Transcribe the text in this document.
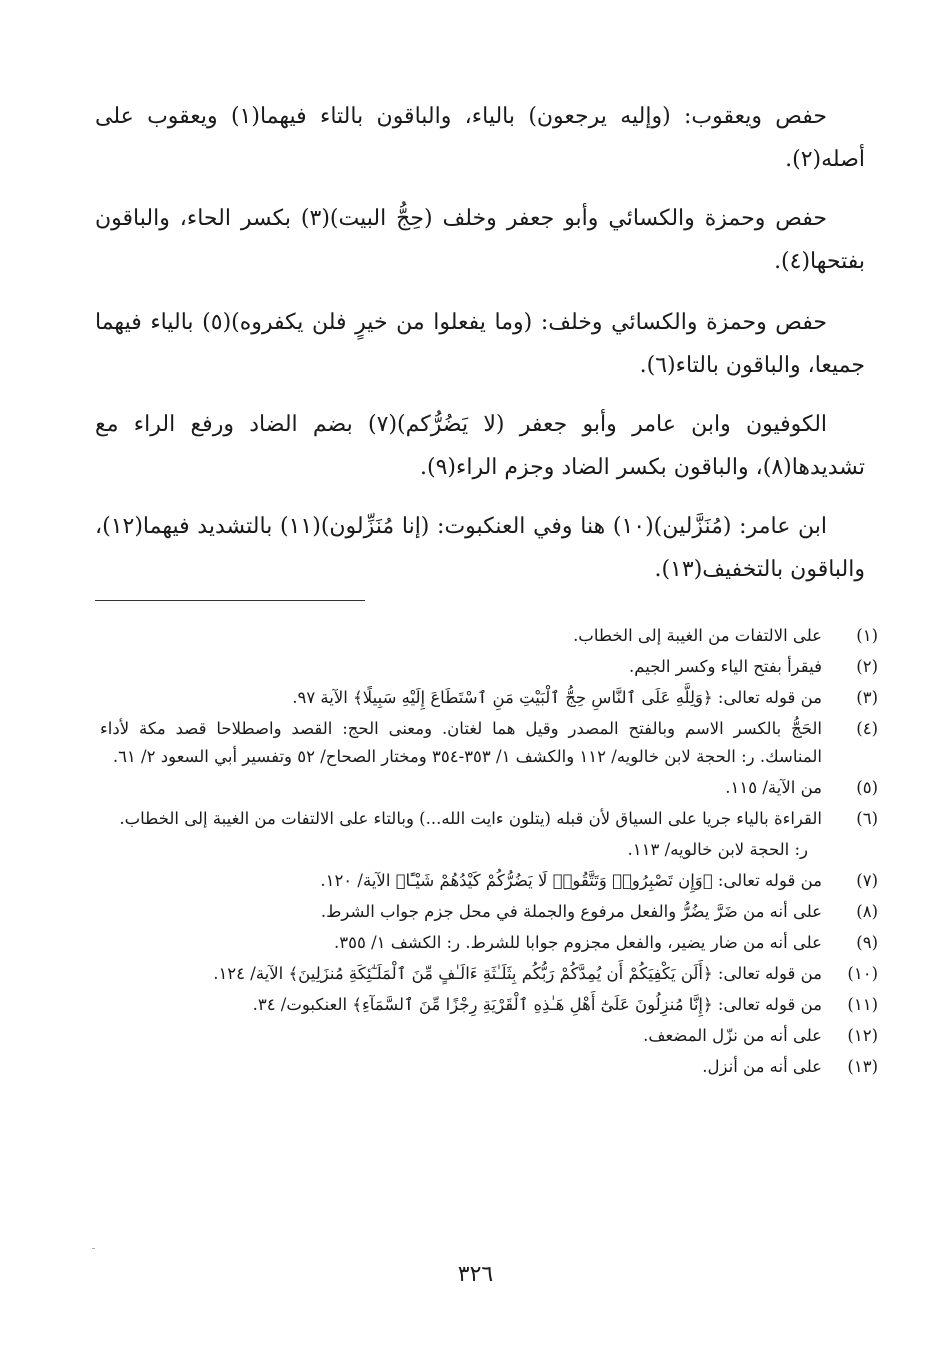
حفص ويعقوب: (وإليه يرجعون) بالياء، والباقون بالتاء فيهما(١) ويعقوب على أصله(٢).

حفص وحمزة والكسائي وأبو جعفر وخلف (حِجُّ البيت)(٣) بكسر الحاء، والباقون بفتحها(٤).

حفص وحمزة والكسائي وخلف: (وما يفعلوا من خيرٍ فلن يكفروه)(٥) بالياء فيهما جميعا، والباقون بالتاء(٦).

الكوفيون وابن عامر وأبو جعفر (لا يَضُرُّكم)(٧) بضم الضاد ورفع الراء مع تشديدها(٨)، والباقون بكسر الضاد وجزم الراء(٩).

ابن عامر: (مُنَزَّلين)(١٠) هنا وفي العنكبوت: (إنا مُنَزِّلون)(١١) بالتشديد فيهما(١٢)، والباقون بالتخفيف(١٣).

(١)
على الالتفات من الغيبة إلى الخطاب.
(٢)
فيقرأ بفتح الياء وكسر الجيم.
(٣)
من قوله تعالى: ﴿وَلِلَّهِ عَلَى ٱلنَّاسِ حِجُّ ٱلْبَيْتِ مَنِ ٱسْتَطَاعَ إِلَيْهِ سَبِيلًا﴾ الآية ٩٧.
(٤)
الحَجُّ بالكسر الاسم وبالفتح المصدر وقيل هما لغتان. ومعنى الحج: القصد واصطلاحا قصد مكة لأداء المناسك. ر: الحجة لابن خالويه/ ١١٢ والكشف ١/ ٣٥٣-٣٥٤ ومختار الصحاح/ ٥٢ وتفسير أبي السعود ٢/ ٦١.
(٥)
من الآية/ ١١٥.
(٦)
القراءة بالياء جريا على السياق لأن قبله (يتلون ءايت الله...) وبالتاء على الالتفات من الغيبة إلى الخطاب.
ر: الحجة لابن خالويه/ ١١٣.
(٧)
من قوله تعالى: ﴿وَإِن تَصْبِرُوا۟ وَتَتَّقُوا۟ لَا يَضُرُّكُمْ كَيْدُهُمْ شَيْـًٔا﴾ الآية/ ١٢٠.
(٨)
على أنه من ضَرَّ يضُرُّ والفعل مرفوع والجملة في محل جزم جواب الشرط.
(٩)
على أنه من ضار يضير، والفعل مجزوم جوابا للشرط. ر: الكشف ١/ ٣٥٥.
(١٠)
من قوله تعالى: ﴿أَلَن يَكْفِيَكُمْ أَن يُمِدَّكُمْ رَبُّكُم بِثَلَـٰثَةِ ءَالَـٰفٍ مِّنَ ٱلْمَلَـٰٓئِكَةِ مُنزَلِينَ﴾ الآية/ ١٢٤.
(١١)
من قوله تعالى: ﴿إِنَّا مُنزِلُونَ عَلَىٰٓ أَهْلِ هَـٰذِهِ ٱلْقَرْيَةِ رِجْزًا مِّنَ ٱلسَّمَآءِ﴾ العنكبوت/ ٣٤.
(١٢)
على أنه من نزّل المضعف.
(١٣)
على أنه من أنزل.
٣٢٦
